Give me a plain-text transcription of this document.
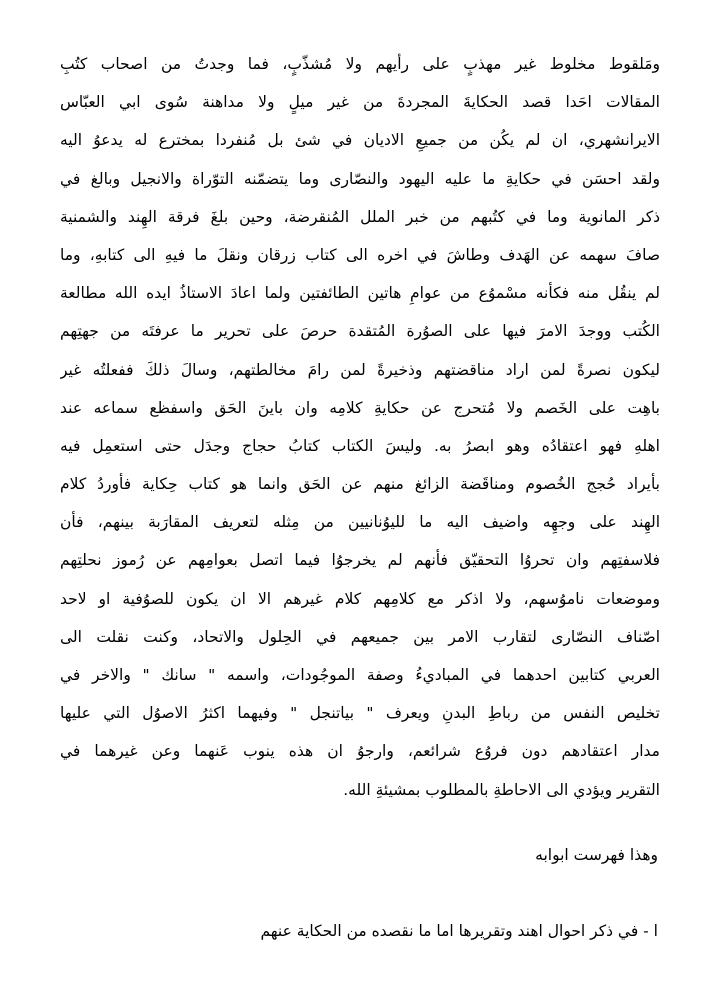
ومَلقوط مخلوط غير مهذبٍ على رأيهم ولا مُشذّبٍ، فما وجدتُ من اصحاب كتُبِ
المقالات احَدا قصد الحكايةَ المجردةَ من غير ميلٍ ولا مداهنة سُوى ابي العبّاس
الايرانشهري، ان لم يكُن من جميعِ الاديان في شئ بل مُنفردا بمخترع له يدعوُ اليه
ولقد احسَن في حكايةِ ما عليه اليهود والنصّارى وما يتضمّنه التوّراة والانجيل وبالغ في
ذكر المانوية وما في كتُبهم من خبر الملل المُنقرضة، وحين بلغَ فرقة الهِند والشمنية
صافَ سهمه عن الهَدف وطاشَ في اخره الى كتاب زرقان ونقلَ ما فيهِ الى كتابهِ، وما
لم ينقُل منه فكأنه مسْموُع من عوامِ هاتين الطائفتين ولما اعادَ الاستاذُ ايده الله مطالعة
الكُتب ووجدَ الامرَ فيها على الصوُرة المُتقدة حرصَ على تحرير ما عرفتَه من جهتِهم
ليكون نصرةً لمن اراد مناقضتهم وذخيرةً لمن رامَ مخالطتهم، وسالَ ذلكَ ففعلتُه غير
باهِت على الخَصم ولا مُتحرج عن حكايةِ كلامِه وان باينَ الحَق واسفظع سماعه عند
اهلهِ فهو اعتقادُه وهو ابصرُ به. وليسَ الكتاب كتابُ حجاج وجدَل حتى استعمِل فيه
بأيراد حُجج الخُصوم ومناقَضة الزائغ منهم عن الحَق وانما هو كتاب حِكاية فأوردُ كلام
الهِند على وجهِه واضيف اليه ما لليوُنانيين من مِثله لتعريف المقارَبة بينهم، فأن
فلاسفتِهم وان تحروُا التحقيّق فأنهم لم يخرجوُا فيما اتصل بعوامِهم عن رُموز نحلتِهم
وموضعات ناموُسهم، ولا اذكر مع كلامِهم كلام غيرهم الا ان يكون للصوُفية او لاحد
اصّناف النصّارى لتقارب الامر بين جميعهم في الحِلول والاتحاد، وكنت نقلت الى
العربي كتابين احدهما في المباديءُ وصفة الموجُودات، واسمه " سانك " والاخر في
تخليص النفس من رباطِ البدنِ ويعرف " بياتنجل " وفيهما اكثرُ الاصوُل التي عليها
مدار اعتقادهم دون فروُع شرائعم، وارجوُ ان هذه ينوب عَنهما وعن غيرهما في
التقرير ويؤدي الى الاحاطةِ بالمطلوب بمشيئةِ الله.
وهذا فهرست ابوابه
ا - في ذكر احوال اهند وتقريرها اما ما نقصده من الحكاية عنهم
